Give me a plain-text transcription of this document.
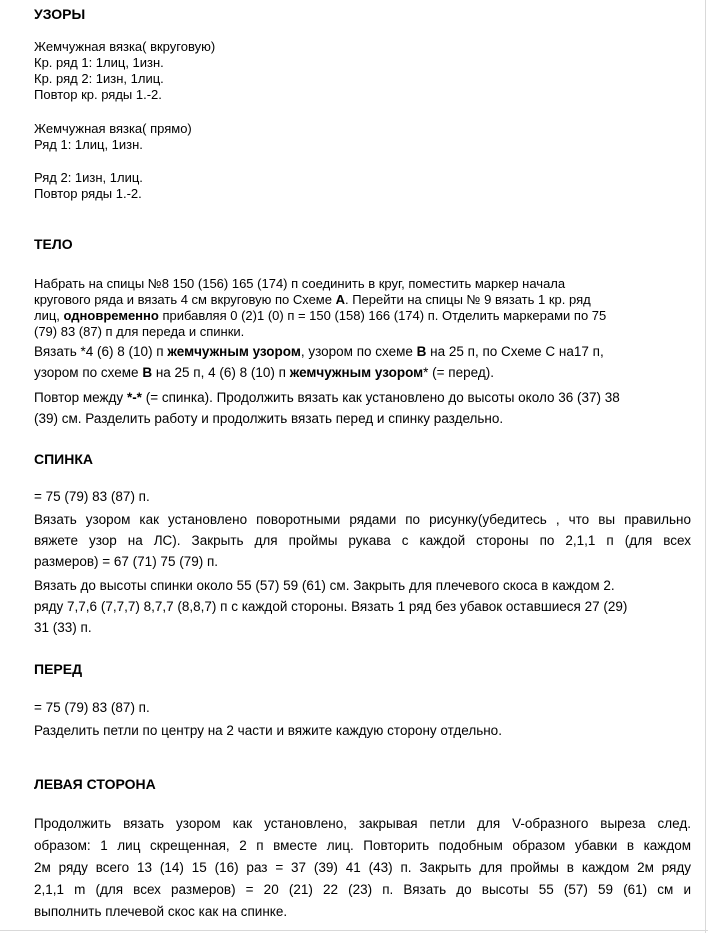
УЗОРЫ
Жемчужная вязка( вкруговую)
Кр. ряд 1: 1лиц, 1изн.
Кр. ряд 2: 1изн, 1лиц.
Повтор кр. ряды 1.-2.
Жемчужная вязка( прямо)
Ряд 1: 1лиц, 1изн.
Ряд 2: 1изн, 1лиц.
Повтор ряды 1.-2.
ТЕЛО
Набрать на спицы №8 150 (156) 165 (174) п соединить в круг, поместить маркер начала
кругового ряда и вязать 4 см вкруговую по Схеме A. Перейти на спицы № 9 вязать 1 кр. ряд
лиц, одновременно прибавляя 0 (2)1 (0) п = 150 (158) 166 (174) п. Отделить маркерами по 75
(79) 83 (87) п для переда и спинки.
Вязать *4 (6) 8 (10) п жемчужным узором, узором по схеме B на 25 п, по Схеме С на17 п,
узором по схеме B на 25 п, 4 (6) 8 (10) п жемчужным узором* (= перед).
Повтор между *-* (= спинка). Продолжить вязать как установлено до высоты около 36 (37) 38
(39) см. Разделить работу и продолжить вязать перед и спинку раздельно.
СПИНКА
= 75 (79) 83 (87) п.
Вязать узором как установлено поворотными рядами по рисунку(убедитесь , что вы правильно
вяжете узор на ЛС). Закрыть для проймы рукава с каждой стороны по 2,1,1 п (для всех
размеров) = 67 (71) 75 (79) п.
Вязать до высоты спинки около 55 (57) 59 (61) см. Закрыть для плечевого скоса в каждом 2.
ряду 7,7,6 (7,7,7) 8,7,7 (8,8,7) п с каждой стороны. Вязать 1 ряд без убавок оставшиеся 27 (29)
31 (33) п.
ПЕРЕД
= 75 (79) 83 (87) п.
Разделить петли по центру на 2 части и вяжите каждую сторону отдельно.
ЛЕВАЯ СТОРОНА
Продолжить вязать узором как установлено, закрывая петли для V-образного выреза след.
образом: 1 лиц скрещенная, 2 п вместе лиц. Повторить подобным образом убавки в каждом
2м ряду всего 13 (14) 15 (16) раз = 37 (39) 41 (43) п. Закрыть для проймы в каждом 2м ряду
2,1,1 m (для всех размеров) = 20 (21) 22 (23) п. Вязать до высоты 55 (57) 59 (61) см и
выполнить плечевой скос как на спинке.
